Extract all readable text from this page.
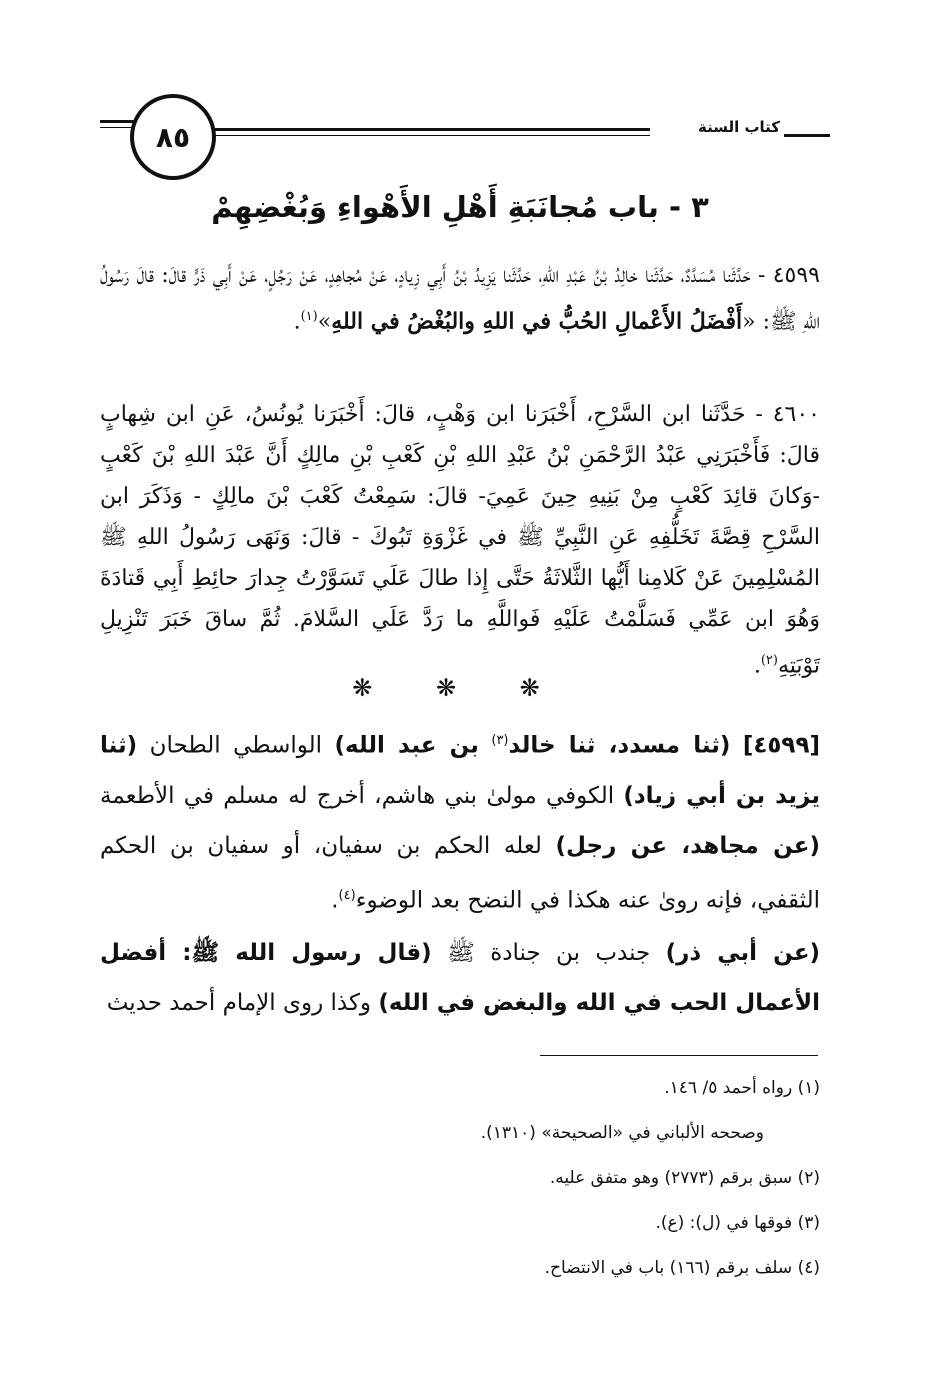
٨٥	كتاب السنة
٣ - باب مُجانَبَةِ أَهْلِ الأَهْواءِ وَبُغْضِهِمْ
٤٥٩٩ - حَدَّثَنا مُسَدَّدٌ، حَدَّثَنا خالِدُ بْنُ عَبْدِ اللهِ، حَدَّثَنا يَزِيدُ بْنُ أَبِي زِيادٍ، عَنْ مُجاهِدٍ، عَنْ رَجُلٍ، عَنْ أَبِي ذَرٍّ قالَ: قالَ رَسُولُ اللهِ ﷺ: «أَفْضَلُ الأَعْمالِ الحُبُّ في اللهِ والبُغْضُ في اللهِ»$^{(١)}$.
٤٦٠٠ - حَدَّثَنا ابن السَّرْحِ، أَخْبَرَنا ابن وَهْبٍ، قالَ: أَخْبَرَنا يُونُسُ، عَنِ ابن شِهابٍ قالَ: فَأَخْبَرَنِي عَبْدُ الرَّحْمَنِ بْنُ عَبْدِ اللهِ بْنِ كَعْبِ بْنِ مالِكٍ أَنَّ عَبْدَ اللهِ بْنَ كَعْبٍ -وَكانَ قائِدَ كَعْبٍ مِنْ بَنِيهِ حِينَ عَمِيَ- قالَ: سَمِعْتُ كَعْبَ بْنَ مالِكٍ - وَذَكَرَ ابن السَّرْحِ قِصَّةَ تَخَلُّفِهِ عَنِ النَّبِيِّ ﷺ في غَزْوَةِ تَبُوكَ - قالَ: وَنَهَى رَسُولُ اللهِ ﷺ المُسْلِمِينَ عَنْ كَلامِنا أَيُّها الثَّلاثَةُ حَتَّى إِذا طالَ عَلَي تَسَوَّرْتُ جِدارَ حائِطِ أَبِي قَتادَةَ وَهُوَ ابن عَمِّي فَسَلَّمْتُ عَلَيْهِ فَواللَّهِ ما رَدَّ عَلَي السَّلامَ. ثُمَّ ساقَ خَبَرَ تَنْزِيلِ تَوْبَتِهِ$^{(٢)}$.
❋ ❋ ❋
[٤٥٩٩] (ثنا مسدد، ثنا خالد$^{(٣)}$ بن عبد الله) الواسطي الطحان (ثنا يزيد بن أبي زياد) الكوفي مولىٰ بني هاشم، أخرج له مسلم في الأطعمة (عن مجاهد، عن رجل) لعله الحكم بن سفيان، أو سفيان بن الحكم الثقفي، فإنه روىٰ عنه هكذا في النضح بعد الوضوء$^{(٤)}$.
(عن أبي ذر) جندب بن جنادة ﷺ (قال رسول الله ﷺ: أفضل الأعمال الحب في الله والبغض في الله) وكذا روى الإمام أحمد حديث
(١) رواه أحمد ٥/ ١٤٦.
وصححه الألباني في «الصحيحة» (١٣١٠).
(٢) سبق برقم (٢٧٧٣) وهو متفق عليه.
(٣) فوقها في (ل): (ع).
(٤) سلف برقم (١٦٦) باب في الانتضاح.
